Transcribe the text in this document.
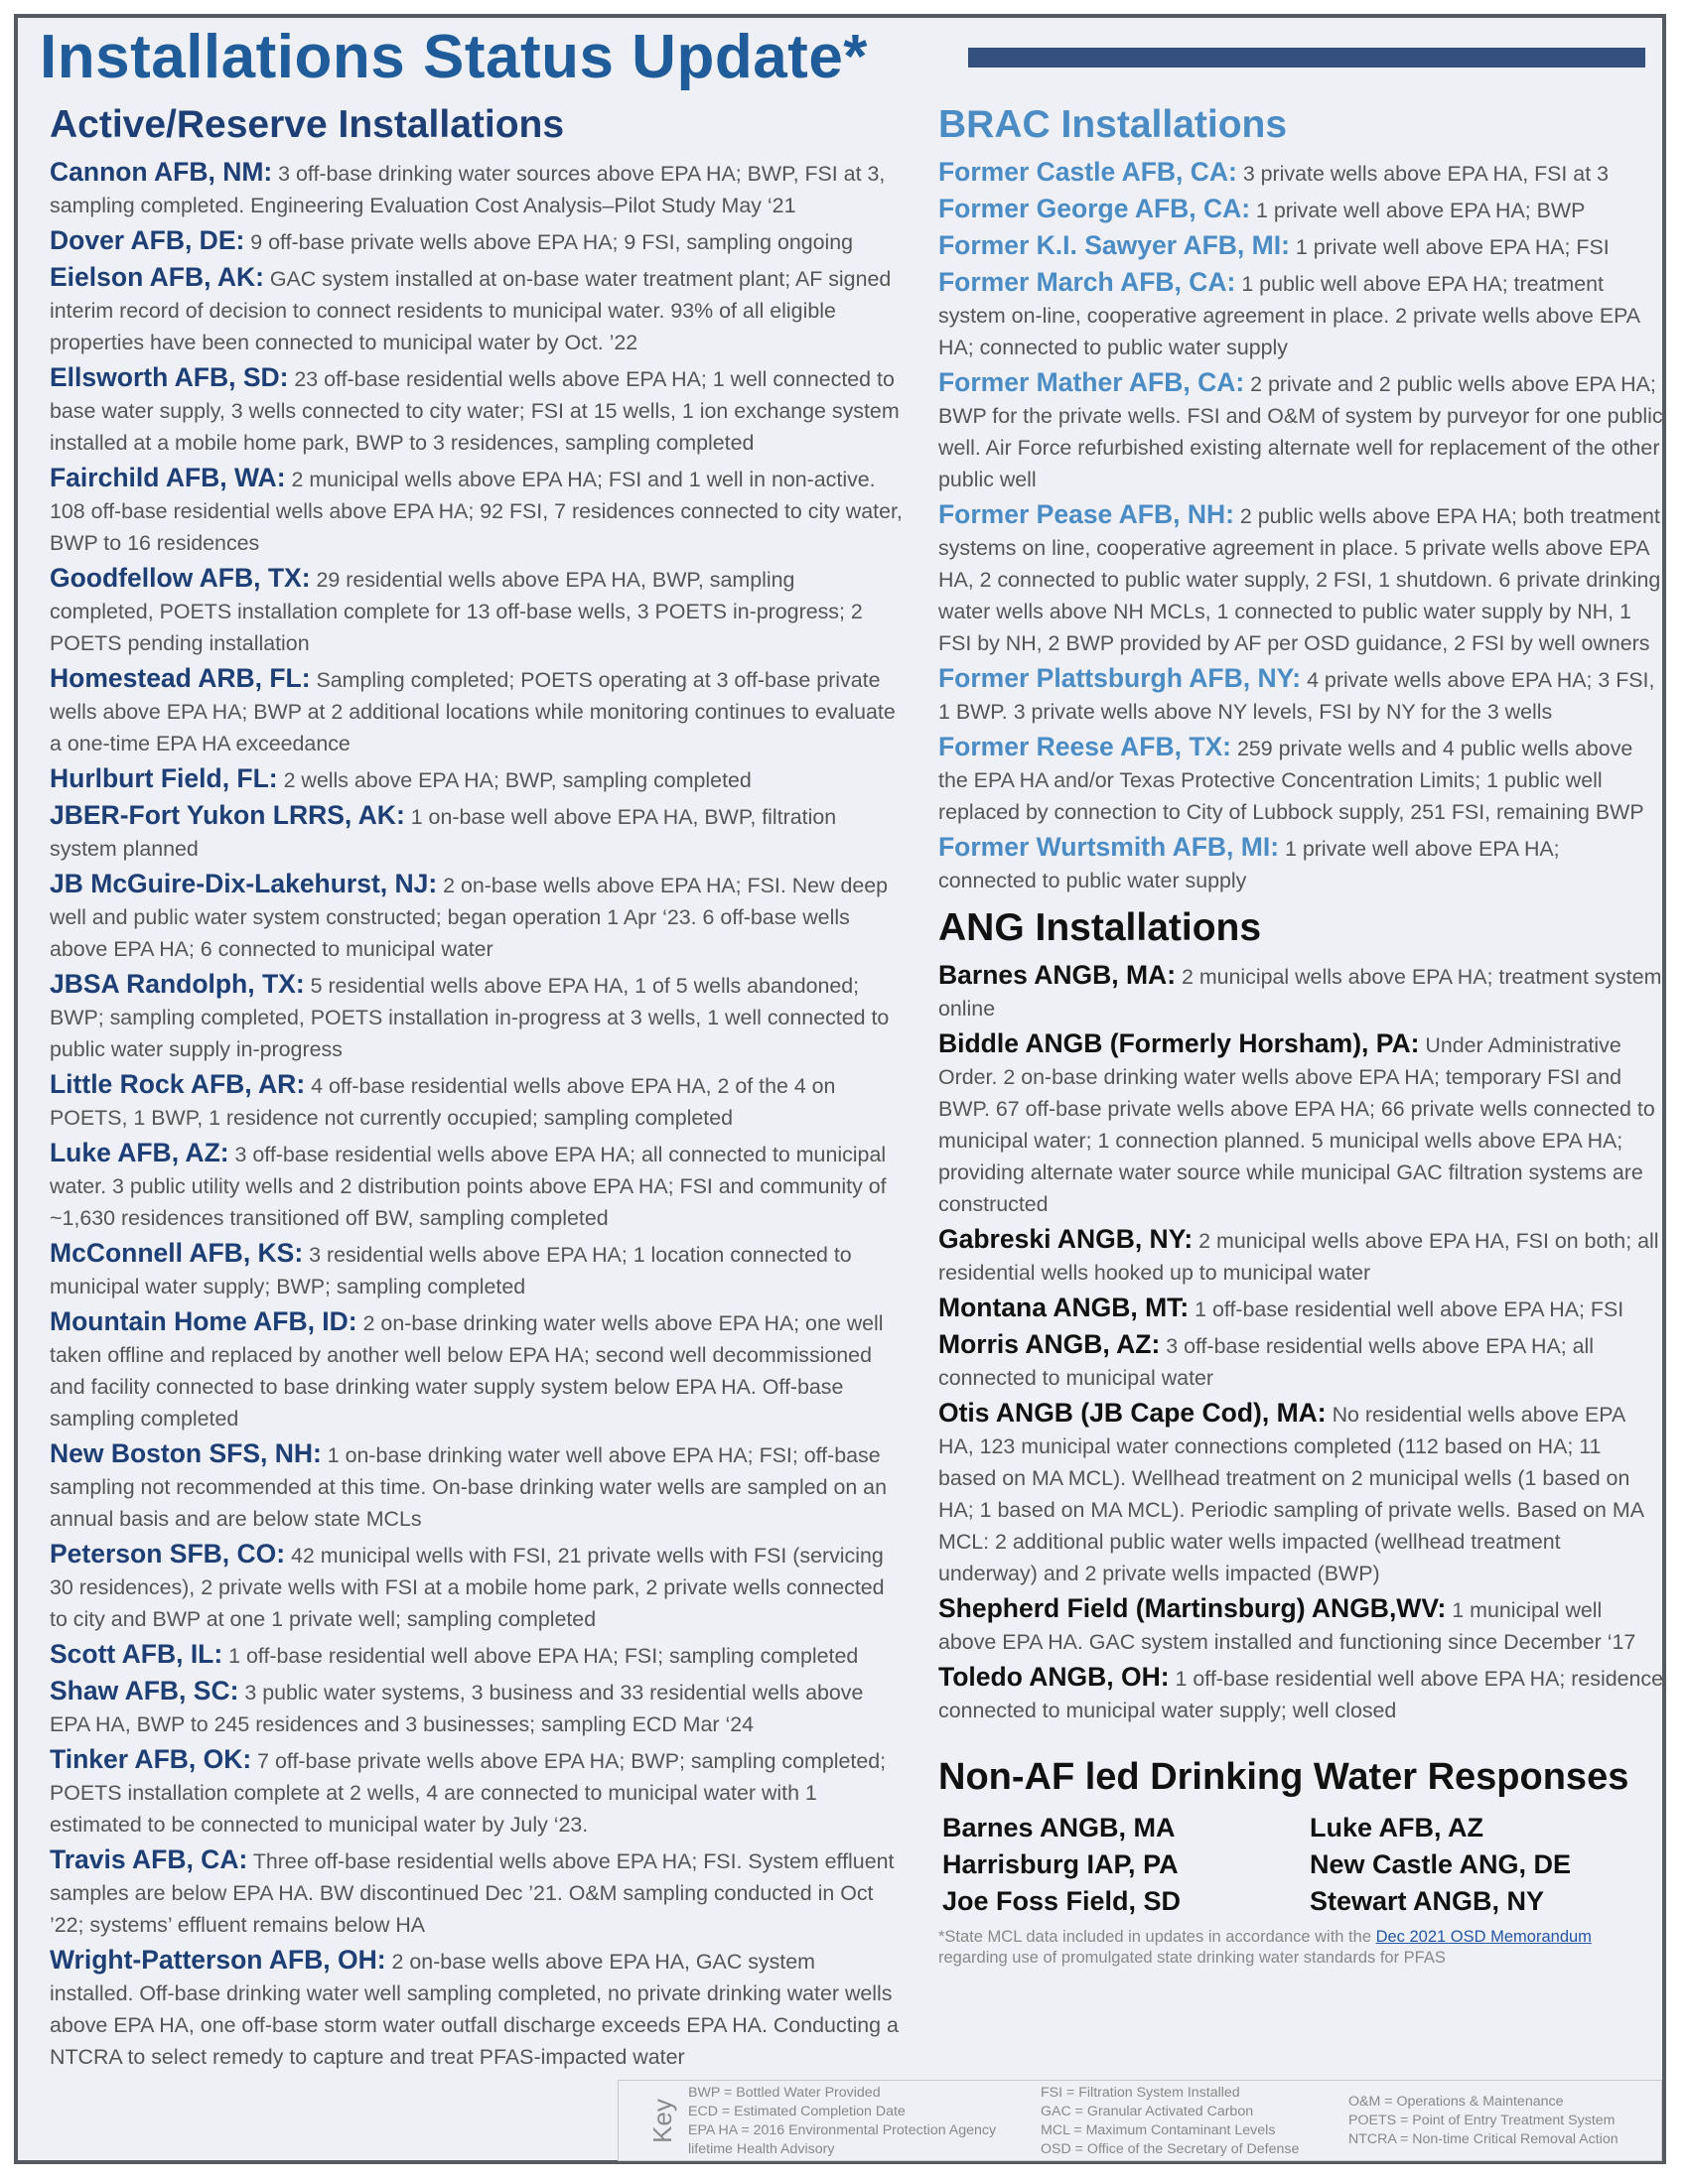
Installations Status Update*
Active/Reserve Installations
Cannon AFB, NM: 3 off-base drinking water sources above EPA HA; BWP, FSI at 3, sampling completed. Engineering Evaluation Cost Analysis–Pilot Study May ‘21
Dover AFB, DE: 9 off-base private wells above EPA HA; 9 FSI, sampling ongoing
Eielson AFB, AK: GAC system installed at on-base water treatment plant; AF signed interim record of decision to connect residents to municipal water. 93% of all eligible properties have been connected to municipal water by Oct. ’22
Ellsworth AFB, SD: 23 off-base residential wells above EPA HA; 1 well connected to base water supply, 3 wells connected to city water; FSI at 15 wells, 1 ion exchange system installed at a mobile home park, BWP to 3 residences, sampling completed
Fairchild AFB, WA: 2 municipal wells above EPA HA; FSI and 1 well in non-active. 108 off-base residential wells above EPA HA; 92 FSI, 7 residences connected to city water, BWP to 16 residences
Goodfellow AFB, TX: 29 residential wells above EPA HA, BWP, sampling completed, POETS installation complete for 13 off-base wells, 3 POETS in-progress; 2 POETS pending installation
Homestead ARB, FL: Sampling completed; POETS operating at 3 off-base private wells above EPA HA; BWP at 2 additional locations while monitoring continues to evaluate a one-time EPA HA exceedance
Hurlburt Field, FL: 2 wells above EPA HA; BWP, sampling completed
JBER-Fort Yukon LRRS, AK: 1 on-base well above EPA HA, BWP, filtration system planned
JB McGuire-Dix-Lakehurst, NJ: 2 on-base wells above EPA HA; FSI. New deep well and public water system constructed; began operation 1 Apr ‘23. 6 off-base wells above EPA HA; 6 connected to municipal water
JBSA Randolph, TX: 5 residential wells above EPA HA, 1 of 5 wells abandoned; BWP; sampling completed, POETS installation in-progress at 3 wells, 1 well connected to public water supply in-progress
Little Rock AFB, AR: 4 off-base residential wells above EPA HA, 2 of the 4 on POETS, 1 BWP, 1 residence not currently occupied; sampling completed
Luke AFB, AZ: 3 off-base residential wells above EPA HA; all connected to municipal water. 3 public utility wells and 2 distribution points above EPA HA; FSI and community of ~1,630 residences transitioned off BW, sampling completed
McConnell AFB, KS: 3 residential wells above EPA HA; 1 location connected to municipal water supply; BWP; sampling completed
Mountain Home AFB, ID: 2 on-base drinking water wells above EPA HA; one well taken offline and replaced by another well below EPA HA; second well decommissioned and facility connected to base drinking water supply system below EPA HA. Off-base sampling completed
New Boston SFS, NH: 1 on-base drinking water well above EPA HA; FSI; off-base sampling not recommended at this time. On-base drinking water wells are sampled on an annual basis and are below state MCLs
Peterson SFB, CO: 42 municipal wells with FSI, 21 private wells with FSI (servicing 30 residences), 2 private wells with FSI at a mobile home park, 2 private wells connected to city and BWP at one 1 private well; sampling completed
Scott AFB, IL: 1 off-base residential well above EPA HA; FSI; sampling completed
Shaw AFB, SC: 3 public water systems, 3 business and 33 residential wells above EPA HA, BWP to 245 residences and 3 businesses; sampling ECD Mar ‘24
Tinker AFB, OK: 7 off-base private wells above EPA HA; BWP; sampling completed; POETS installation complete at 2 wells, 4 are connected to municipal water with 1 estimated to be connected to municipal water by July ‘23.
Travis AFB, CA: Three off-base residential wells above EPA HA; FSI. System effluent samples are below EPA HA. BW discontinued Dec ’21. O&M sampling conducted in Oct ’22; systems’ effluent remains below HA
Wright-Patterson AFB, OH: 2 on-base wells above EPA HA, GAC system installed. Off-base drinking water well sampling completed, no private drinking water wells above EPA HA, one off-base storm water outfall discharge exceeds EPA HA. Conducting a NTCRA to select remedy to capture and treat PFAS-impacted water
BRAC Installations
Former Castle AFB, CA: 3 private wells above EPA HA, FSI at 3
Former George AFB, CA: 1 private well above EPA HA; BWP
Former K.I. Sawyer AFB, MI: 1 private well above EPA HA; FSI
Former March AFB, CA: 1 public well above EPA HA; treatment system on-line, cooperative agreement in place. 2 private wells above EPA HA; connected to public water supply
Former Mather AFB, CA: 2 private and 2 public wells above EPA HA; BWP for the private wells. FSI and O&M of system by purveyor for one public well. Air Force refurbished existing alternate well for replacement of the other public well
Former Pease AFB, NH: 2 public wells above EPA HA; both treatment systems on line, cooperative agreement in place. 5 private wells above EPA HA, 2 connected to public water supply, 2 FSI, 1 shutdown. 6 private drinking water wells above NH MCLs, 1 connected to public water supply by NH, 1 FSI by NH, 2 BWP provided by AF per OSD guidance, 2 FSI by well owners
Former Plattsburgh AFB, NY: 4 private wells above EPA HA; 3 FSI, 1 BWP. 3 private wells above NY levels, FSI by NY for the 3 wells
Former Reese AFB, TX: 259 private wells and 4 public wells above the EPA HA and/or Texas Protective Concentration Limits; 1 public well replaced by connection to City of Lubbock supply, 251 FSI, remaining BWP
Former Wurtsmith AFB, MI: 1 private well above EPA HA; connected to public water supply
ANG Installations
Barnes ANGB, MA: 2 municipal wells above EPA HA; treatment system online
Biddle ANGB (Formerly Horsham), PA: Under Administrative Order. 2 on-base drinking water wells above EPA HA; temporary FSI and BWP. 67 off-base private wells above EPA HA; 66 private wells connected to municipal water; 1 connection planned. 5 municipal wells above EPA HA; providing alternate water source while municipal GAC filtration systems are constructed
Gabreski ANGB, NY: 2 municipal wells above EPA HA, FSI on both; all residential wells hooked up to municipal water
Montana ANGB, MT: 1 off-base residential well above EPA HA; FSI
Morris ANGB, AZ: 3 off-base residential wells above EPA HA; all connected to municipal water
Otis ANGB (JB Cape Cod), MA: No residential wells above EPA HA, 123 municipal water connections completed (112 based on HA; 11 based on MA MCL). Wellhead treatment on 2 municipal wells (1 based on HA; 1 based on MA MCL). Periodic sampling of private wells. Based on MA MCL: 2 additional public water wells impacted (wellhead treatment underway) and 2 private wells impacted (BWP)
Shepherd Field (Martinsburg) ANGB,WV: 1 municipal well above EPA HA. GAC system installed and functioning since December ‘17
Toledo ANGB, OH: 1 off-base residential well above EPA HA; residence connected to municipal water supply; well closed
Non-AF led Drinking Water Responses
Barnes ANGB, MA	Luke AFB, AZ
Harrisburg IAP, PA	New Castle ANG, DE
Joe Foss Field, SD	Stewart ANGB, NY
*State MCL data included in updates in accordance with the Dec 2021 OSD Memorandum regarding use of promulgated state drinking water standards for PFAS
Key
BWP = Bottled Water Provided
ECD = Estimated Completion Date
EPA HA = 2016 Environmental Protection Agency
lifetime Health Advisory
FSI = Filtration System Installed
GAC = Granular Activated Carbon
MCL = Maximum Contaminant Levels
OSD = Office of the Secretary of Defense
O&M = Operations & Maintenance
POETS = Point of Entry Treatment System
NTCRA = Non-time Critical Removal Action
